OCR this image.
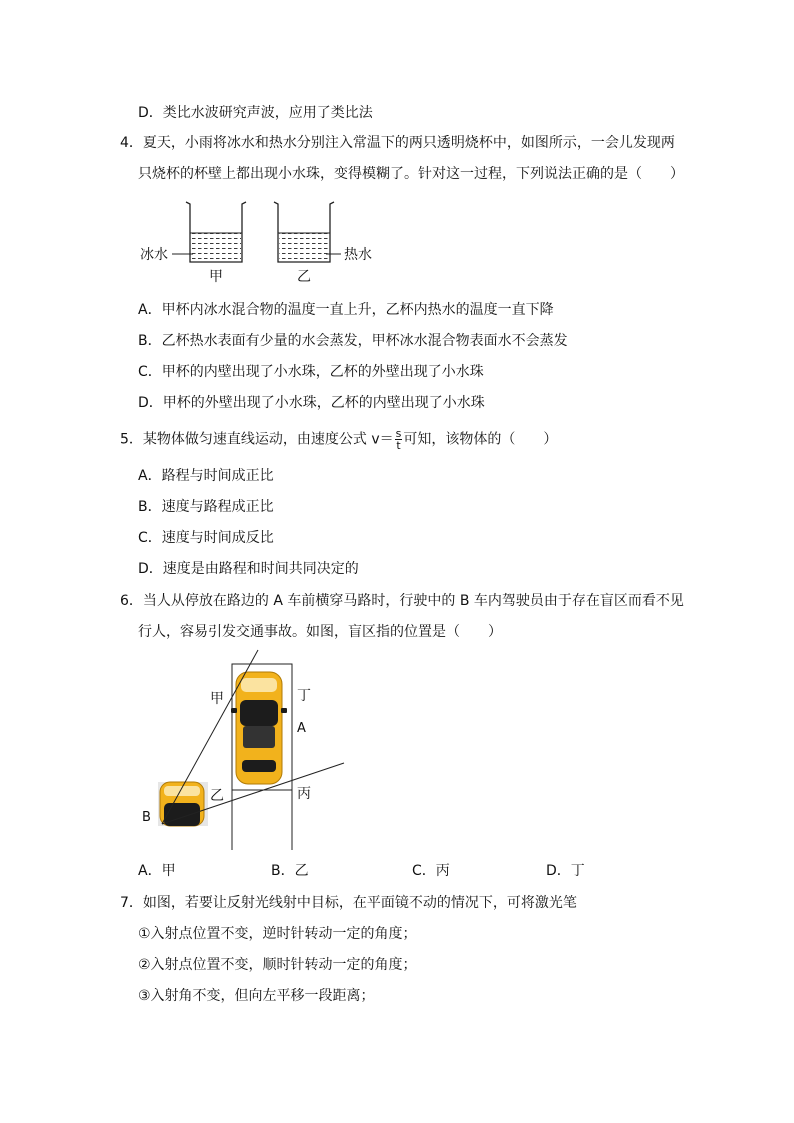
D．类比水波研究声波，应用了类比法
4．夏天，小雨将冰水和热水分别注入常温下的两只透明烧杯中，如图所示，一会儿发现两
只烧杯的杯壁上都出现小水珠，变得模糊了。针对这一过程，下列说法正确的是（　　）
冰水
甲
热水
乙
A．甲杯内冰水混合物的温度一直上升，乙杯内热水的温度一直下降
B．乙杯热水表面有少量的水会蒸发，甲杯冰水混合物表面水不会蒸发
C．甲杯的内壁出现了小水珠，乙杯的外壁出现了小水珠
D．甲杯的外壁出现了小水珠，乙杯的内壁出现了小水珠
5．某物体做匀速直线运动，由速度公式 $v= \frac{s}{t}$ 可知，该物体的（　　）
A．路程与时间成正比
B．速度与路程成正比
C．速度与时间成反比
D．速度是由路程和时间共同决定的
6．当人从停放在路边的 A 车前横穿马路时，行驶中的 B 车内驾驶员由于存在盲区而看不见
行人，容易引发交通事故。如图，盲区指的位置是（　　）
甲	丁
A
乙	丙
B
A．甲	B．乙	C．丙	D．丁
7．如图，若要让反射光线射中目标，在平面镜不动的情况下，可将激光笔
①入射点位置不变，逆时针转动一定的角度；
②入射点位置不变，顺时针转动一定的角度；
③入射角不变，但向左平移一段距离；
